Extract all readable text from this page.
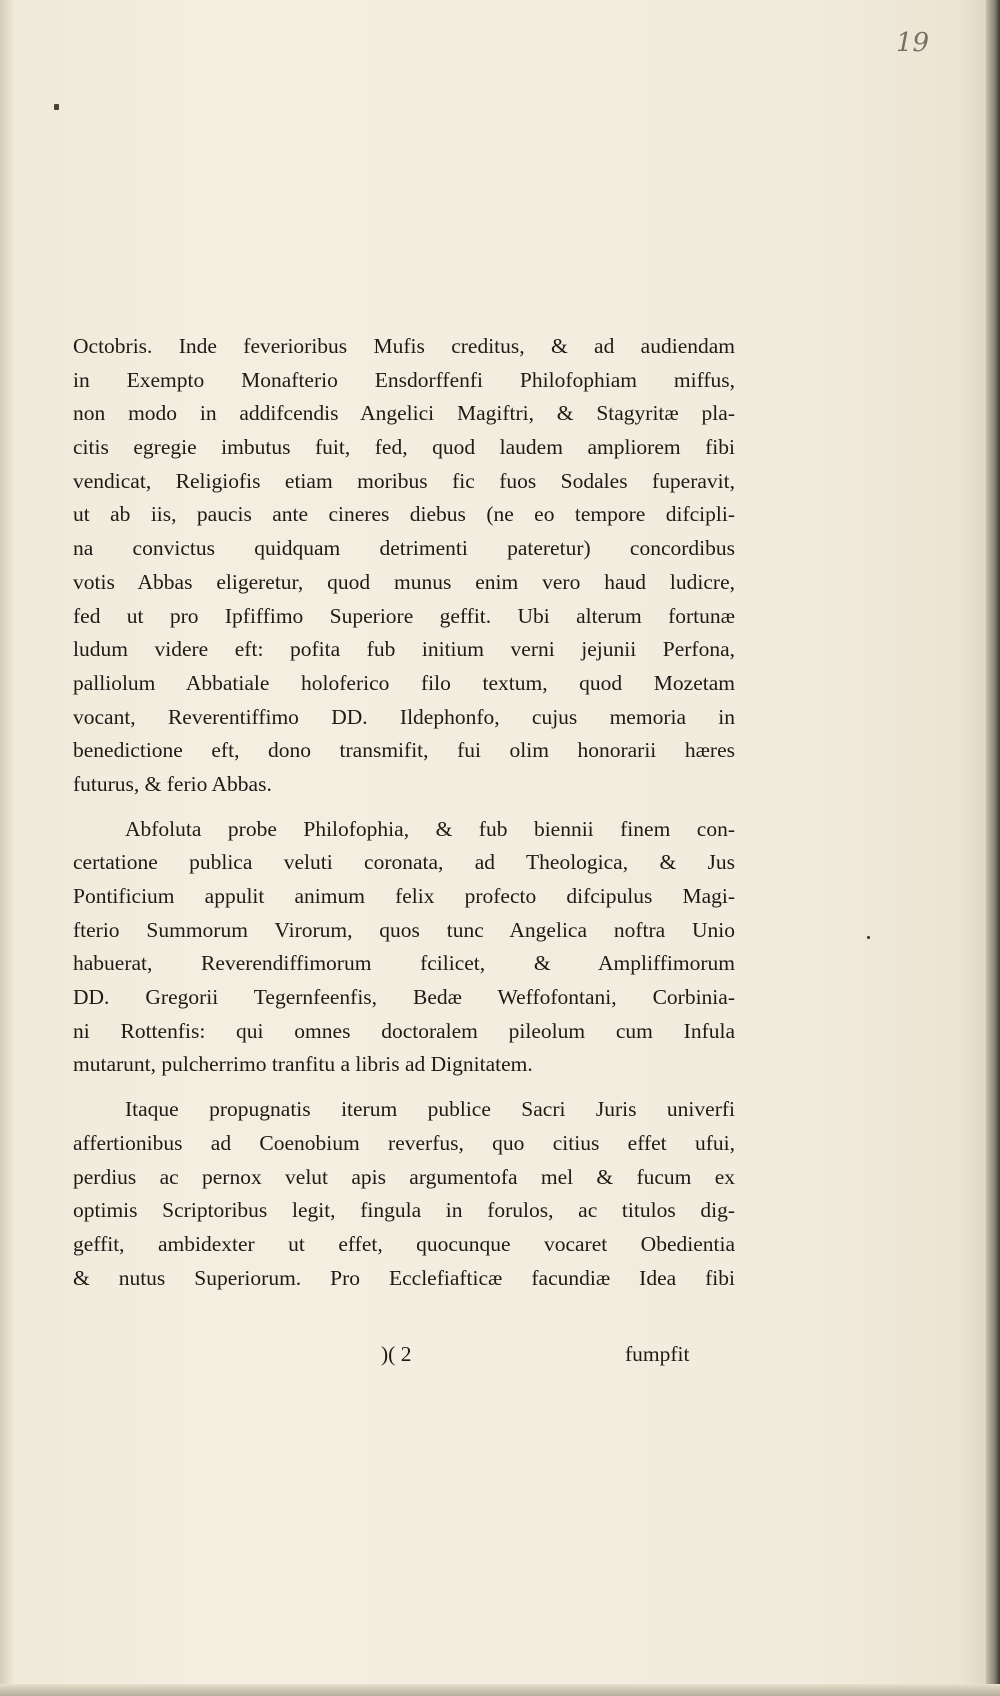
19
Octobris. Inde feverioribus Mufis creditus, & ad audiendam
in Exempto Monafterio Ensdorffenfi Philofophiam miffus,
non modo in addifcendis Angelici Magiftri, & Stagyritæ pla-
citis egregie imbutus fuit, fed, quod laudem ampliorem fibi
vendicat, Religiofis etiam moribus fic fuos Sodales fuperavit,
ut ab iis, paucis ante cineres diebus (ne eo tempore difcipli-
na convictus quidquam detrimenti pateretur) concordibus
votis Abbas eligeretur, quod munus enim vero haud ludicre,
fed ut pro Ipfiffimo Superiore geffit. Ubi alterum fortunæ
ludum videre eft: pofita fub initium verni jejunii Perfona,
palliolum Abbatiale holoferico filo textum, quod Mozetam
vocant, Reverentiffimo DD. Ildephonfo, cujus memoria in
benedictione eft, dono transmifit, fui olim honorarii hæres
futurus, & ferio Abbas.
Abfoluta probe Philofophia, & fub biennii finem con-
certatione publica veluti coronata, ad Theologica, & Jus
Pontificium appulit animum felix profecto difcipulus Magi-
fterio Summorum Virorum, quos tunc Angelica noftra Unio
habuerat, Reverendiffimorum fcilicet, & Ampliffimorum
DD. Gregorii Tegernfeenfis, Bedæ Weffofontani, Corbinia-
ni Rottenfis: qui omnes doctoralem pileolum cum Infula
mutarunt, pulcherrimo tranfitu a libris ad Dignitatem.
Itaque propugnatis iterum publice Sacri Juris univerfi
affertionibus ad Coenobium reverfus, quo citius effet ufui,
perdius ac pernox velut apis argumentofa mel & fucum ex
optimis Scriptoribus legit, fingula in forulos, ac titulos dig-
geffit, ambidexter ut effet, quocunque vocaret Obedientia
& nutus Superiorum. Pro Ecclefiafticæ facundiæ Idea fibi
)( 2	fumpfit
